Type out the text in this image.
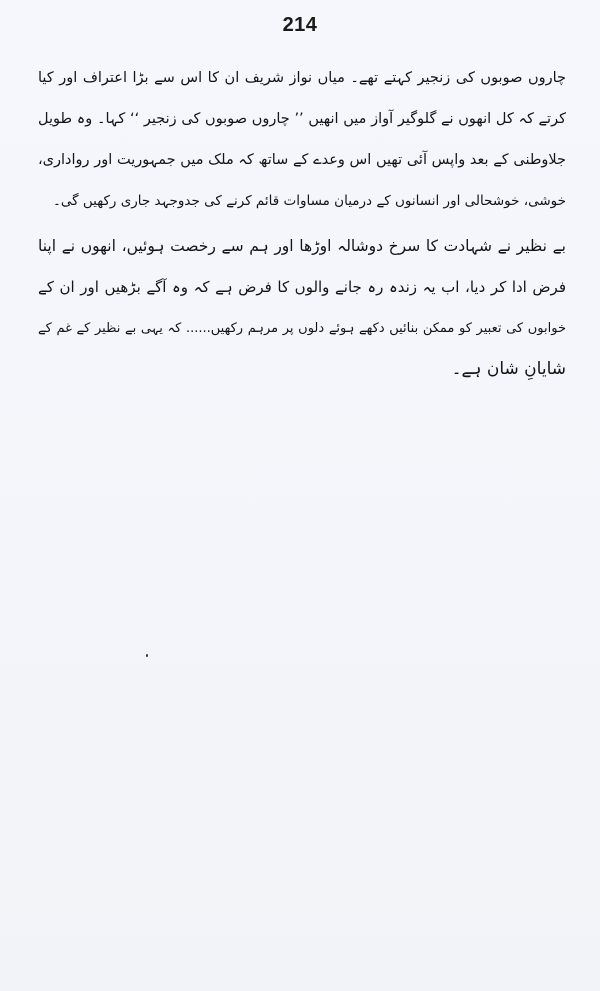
214
چاروں صوبوں کی زنجیر کہتے تھے۔ میاں نواز شریف ان کا اس سے بڑا اعتراف اور کیا
کرتے کہ کل انھوں نے گلوگیر آواز میں انھیں ’’ چاروں صوبوں کی زنجیر ‘‘ کہا۔ وہ طویل
جلاوطنی کے بعد واپس آئی تھیں اس وعدے کے ساتھ کہ ملک میں جمہوریت اور رواداری،
خوشی، خوشحالی اور انسانوں کے درمیان مساوات قائم کرنے کی جدوجہد جاری رکھیں گی۔
بے نظیر نے شہادت کا سرخ دوشالہ اوڑھا اور ہم سے رخصت ہوئیں، انھوں نے اپنا
فرض ادا کر دیا، اب یہ زندہ رہ جانے والوں کا فرض ہے کہ وہ آگے بڑھیں اور ان کے
خوابوں کی تعبیر کو ممکن بنائیں دکھے ہوئے دلوں پر مرہم رکھیں...... کہ یہی بے نظیر کے غم کے
شایانِ شان ہے۔
